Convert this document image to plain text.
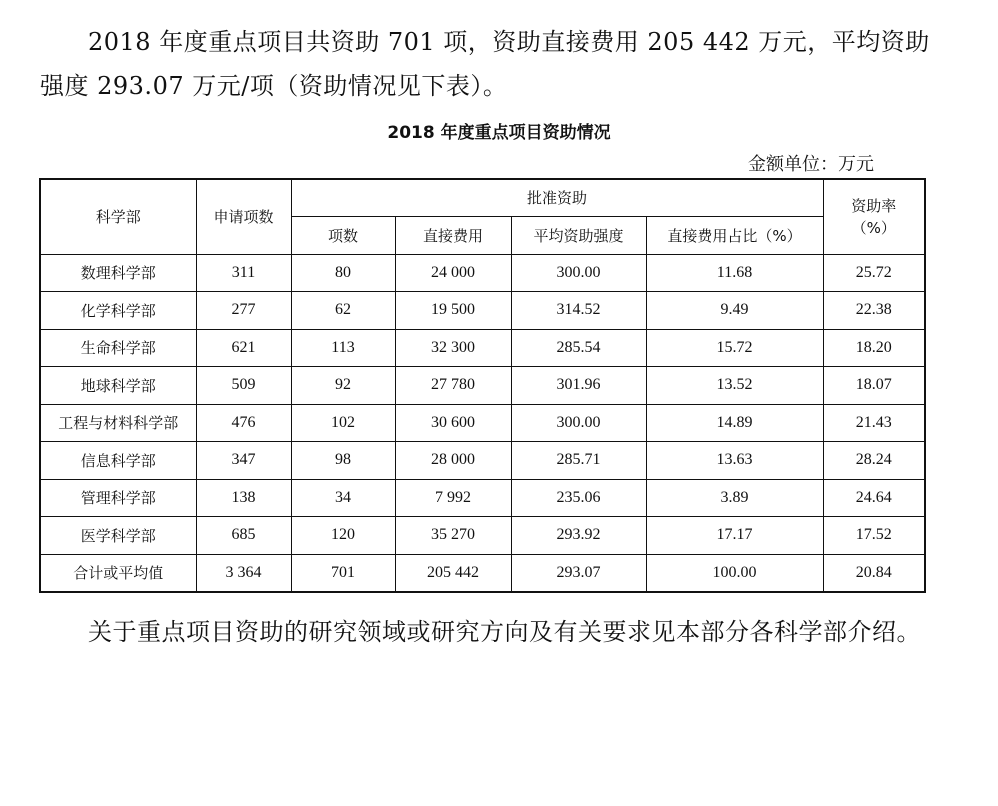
2018 年度重点项目共资助 701 项，资助直接费用 205 442 万元，平均资助强度 293.07 万元/项（资助情况见下表）。

2018 年度重点项目资助情况
金额单位：万元
科学部	申请项数	批准资助				资助率
（%）
		项数	直接费用	平均资助强度	直接费用占比（%）	
数理科学部	311	80	24 000	300.00	11.68	25.72
化学科学部	277	62	19 500	314.52	9.49	22.38
生命科学部	621	113	32 300	285.54	15.72	18.20
地球科学部	509	92	27 780	301.96	13.52	18.07
工程与材料科学部	476	102	30 600	300.00	14.89	21.43
信息科学部	347	98	28 000	285.71	13.63	28.24
管理科学部	138	34	7 992	235.06	3.89	24.64
医学科学部	685	120	35 270	293.92	17.17	17.52
合计或平均值	3 364	701	205 442	293.07	100.00	20.84

关于重点项目资助的研究领域或研究方向及有关要求见本部分各科学部介绍。
